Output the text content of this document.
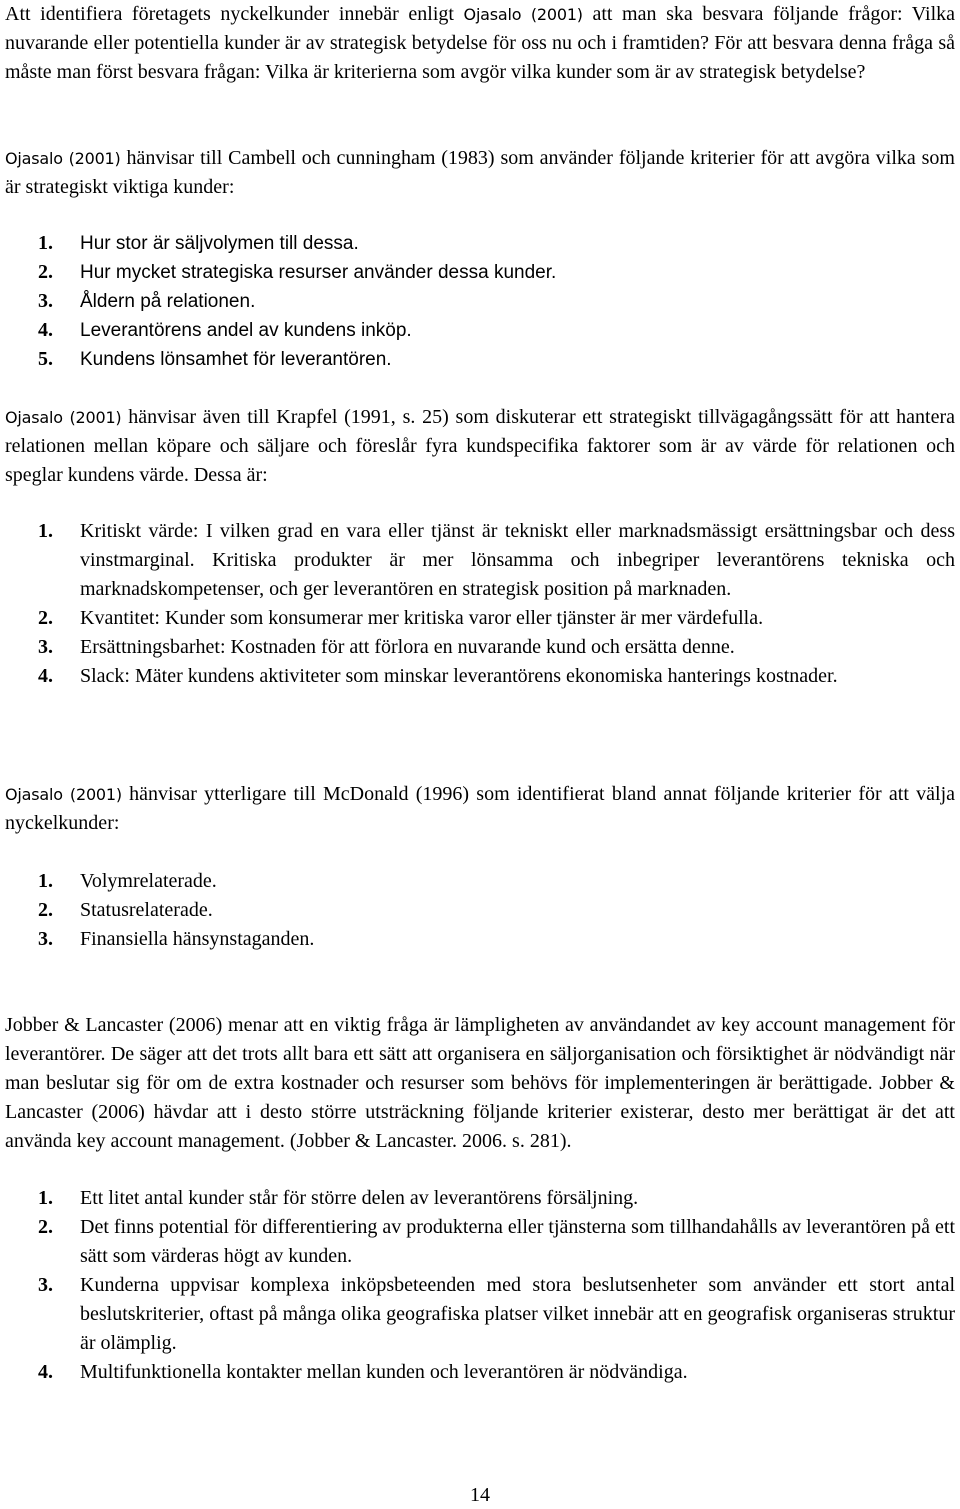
Att identifiera företagets nyckelkunder innebär enligt Ojasalo (2001) att man ska besvara följande frågor: Vilka nuvarande eller potentiella kunder är av strategisk betydelse för oss nu och i framtiden? För att besvara denna fråga så måste man först besvara frågan: Vilka är kriterierna som avgör vilka kunder som är av strategisk betydelse?

Ojasalo (2001) hänvisar till Cambell och cunningham (1983) som använder följande kriterier för att avgöra vilka som är strategiskt viktiga kunder:

1. Hur stor är säljvolymen till dessa.
2. Hur mycket strategiska resurser använder dessa kunder.
3. Åldern på relationen.
4. Leverantörens andel av kundens inköp.
5. Kundens lönsamhet för leverantören.

Ojasalo (2001) hänvisar även till Krapfel (1991, s. 25) som diskuterar ett strategiskt tillvägagångssätt för att hantera relationen mellan köpare och säljare och föreslår fyra kundspecifika faktorer som är av värde för relationen och speglar kundens värde. Dessa är:

1. Kritiskt värde: I vilken grad en vara eller tjänst är tekniskt eller marknadsmässigt ersättningsbar och dess vinstmarginal. Kritiska produkter är mer lönsamma och inbegriper leverantörens tekniska och marknadskompetenser, och ger leverantören en strategisk position på marknaden.
2. Kvantitet: Kunder som konsumerar mer kritiska varor eller tjänster är mer värdefulla.
3. Ersättningsbarhet: Kostnaden för att förlora en nuvarande kund och ersätta denne.
4. Slack: Mäter kundens aktiviteter som minskar leverantörens ekonomiska hanterings kostnader.

Ojasalo (2001) hänvisar ytterligare till McDonald (1996) som identifierat bland annat följande kriterier för att välja nyckelkunder:

1. Volymrelaterade.
2. Statusrelaterade.
3. Finansiella hänsynstaganden.

Jobber & Lancaster (2006) menar att en viktig fråga är lämpligheten av användandet av key account management för leverantörer. De säger att det trots allt bara ett sätt att organisera en säljorganisation och försiktighet är nödvändigt när man beslutar sig för om de extra kostnader och resurser som behövs för implementeringen är berättigade. Jobber & Lancaster (2006) hävdar att i desto större utsträckning följande kriterier existerar, desto mer berättigat är det att använda key account management. (Jobber & Lancaster. 2006. s. 281).

1. Ett litet antal kunder står för större delen av leverantörens försäljning.
2. Det finns potential för differentiering av produkterna eller tjänsterna som tillhandahålls av leverantören på ett sätt som värderas högt av kunden.
3. Kunderna uppvisar komplexa inköpsbeteenden med stora beslutsenheter som använder ett stort antal beslutskriterier, oftast på många olika geografiska platser vilket innebär att en geografisk organiseras struktur är olämplig.
4. Multifunktionella kontakter mellan kunden och leverantören är nödvändiga.
14
